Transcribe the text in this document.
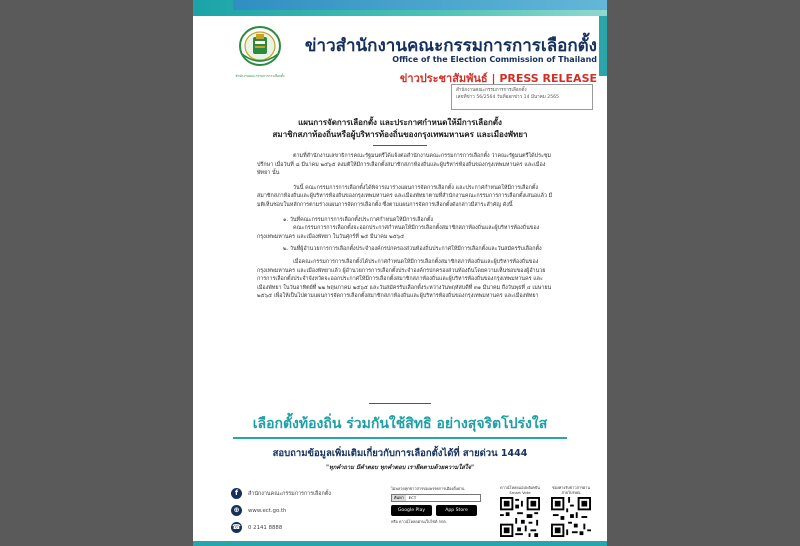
สำนักงานคณะกรรมการการเลือกตั้ง
ข่าวสำนักงานคณะกรรมการการเลือกตั้ง
Office of the Election Commission of Thailand
ข่าวประชาสัมพันธ์ | PRESS RELEASE
สำนักงานคณะกรรมการการเลือกตั้ง
เลขที่ข่าว 56/2564 วันที่ออกข่าว 14 มีนาคม 2565
แผนการจัดการเลือกตั้ง และประกาศกำหนดให้มีการเลือกตั้ง
สมาชิกสภาท้องถิ่นหรือผู้บริหารท้องถิ่นของกรุงเทพมหานคร และเมืองพัทยา

ตามที่สำนักงานเลขาธิการคณะรัฐมนตรีได้แจ้งต่อสำนักงานคณะกรรมการการเลือกตั้ง ว่าคณะรัฐมนตรีได้ประชุมปรึกษา เมื่อวันที่ ๘ มีนาคม ๒๕๖๕ ลงมติให้มีการเลือกตั้งสมาชิกสภาท้องถิ่นและผู้บริหารท้องถิ่นของกรุงเทพมหานคร และเมืองพัทยา นั้น

วันนี้ คณะกรรมการการเลือกตั้งได้พิจารณาร่างแผนการจัดการเลือกตั้ง และประกาศกำหนดให้มีการเลือกตั้งสมาชิกสภาท้องถิ่นและผู้บริหารท้องถิ่นของกรุงเทพมหานคร และเมืองพัทยาตามที่สำนักงานคณะกรรมการการเลือกตั้งเสนอแล้ว มีมติเห็นชอบในหลักการตามร่างแผนการจัดการเลือกตั้ง ซึ่งตามแผนการจัดการเลือกตั้งดังกล่าวมีสาระสำคัญ ดังนี้

๑. วันที่คณะกรรมการการเลือกตั้งประกาศกำหนดให้มีการเลือกตั้ง

คณะกรรมการการเลือกตั้งจะออกประกาศกำหนดให้มีการเลือกตั้งสมาชิกสภาท้องถิ่นและผู้บริหารท้องถิ่นของกรุงเทพมหานคร และเมืองพัทยา ในวันศุกร์ที่ ๒๕ มีนาคม ๒๕๖๕

๒. วันที่ผู้อำนวยการการเลือกตั้งประจำองค์กรปกครองส่วนท้องถิ่นประกาศให้มีการเลือกตั้งและวันสมัครรับเลือกตั้ง

เมื่อคณะกรรมการการเลือกตั้งได้ประกาศกำหนดให้มีการเลือกตั้งสมาชิกสภาท้องถิ่นและผู้บริหารท้องถิ่นของกรุงเทพมหานคร และเมืองพัทยาแล้ว ผู้อำนวยการการเลือกตั้งประจำองค์กรปกครองส่วนท้องถิ่นโดยความเห็นชอบของผู้อำนวยการการเลือกตั้งประจำจังหวัดจะออกประกาศให้มีการเลือกตั้งสมาชิกสภาท้องถิ่นและผู้บริหารท้องถิ่นของกรุงเทพมหานคร และเมืองพัทยา ในวันอาทิตย์ที่ ๒๒ พฤษภาคม ๒๕๖๕ และวันสมัครรับเลือกตั้งระหว่างวันพฤหัสบดีที่ ๓๑ มีนาคม ถึงวันพุธที่ ๔ เมษายน ๒๕๖๕ เพื่อให้เป็นไปตามแผนการจัดการเลือกตั้งสมาชิกสภาท้องถิ่นและผู้บริหารท้องถิ่นของกรุงเทพมหานคร และเมืองพัทยา

เลือกตั้งท้องถิ่น ร่วมกันใช้สิทธิ อย่างสุจริตโปร่งใส
สอบถามข้อมูลเพิ่มเติมเกี่ยวกับการเลือกตั้งได้ที่ สายด่วน 1444
"ทุกคำถาม มีคำตอบ ทุกคำตอบ เรายึดตามด้วยความใส่ใจ"
f	สำนักงานคณะกรรมการการเลือกตั้ง
⊕	www.ect.go.th
☎ 0 2141 8888
ไม่พลาดทุกข่าวสารของพรรคการเมืองตั้งผ่าน
ค้นหา	ECT
Google Play	App Store
หรือ ดาวน์โหลดผ่านเว็บไซต์ กกต.
ดาวน์โหลดแอปพลิเคชัน
Smart Vote
ช่องทางรับข่าวสารผ่าน
สายไปรษณ
